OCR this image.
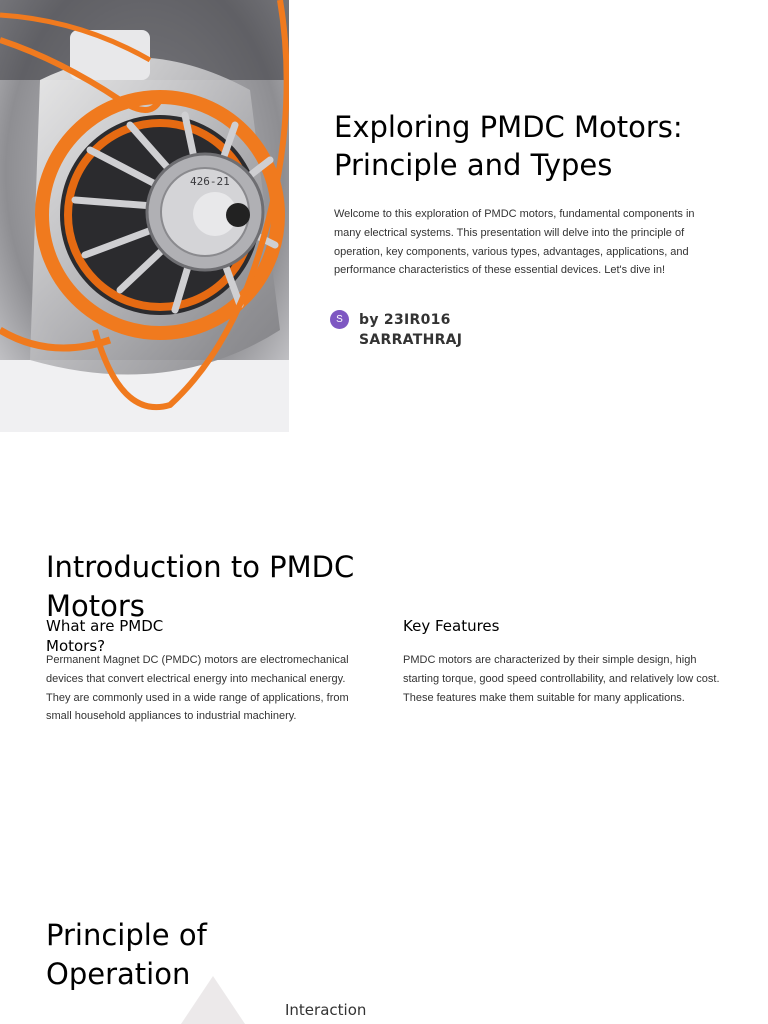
426-21
Exploring PMDC Motors: Principle and Types

Welcome to this exploration of PMDC motors, fundamental components in many electrical systems. This presentation will delve into the principle of operation, key components, various types, advantages, applications, and performance characteristics of these essential devices. Let's dive in!

S	by 23IR016 SARRATHRAJ
Introduction to PMDC Motors
What are PMDC Motors?

Permanent Magnet DC (PMDC) motors are electromechanical devices that convert electrical energy into mechanical energy. They are commonly used in a wide range of applications, from small household appliances to industrial machinery.

Key Features

PMDC motors are characterized by their simple design, high starting torque, good speed controllability, and relatively low cost. These features make them suitable for many applications.

Principle of Operation
Interaction
